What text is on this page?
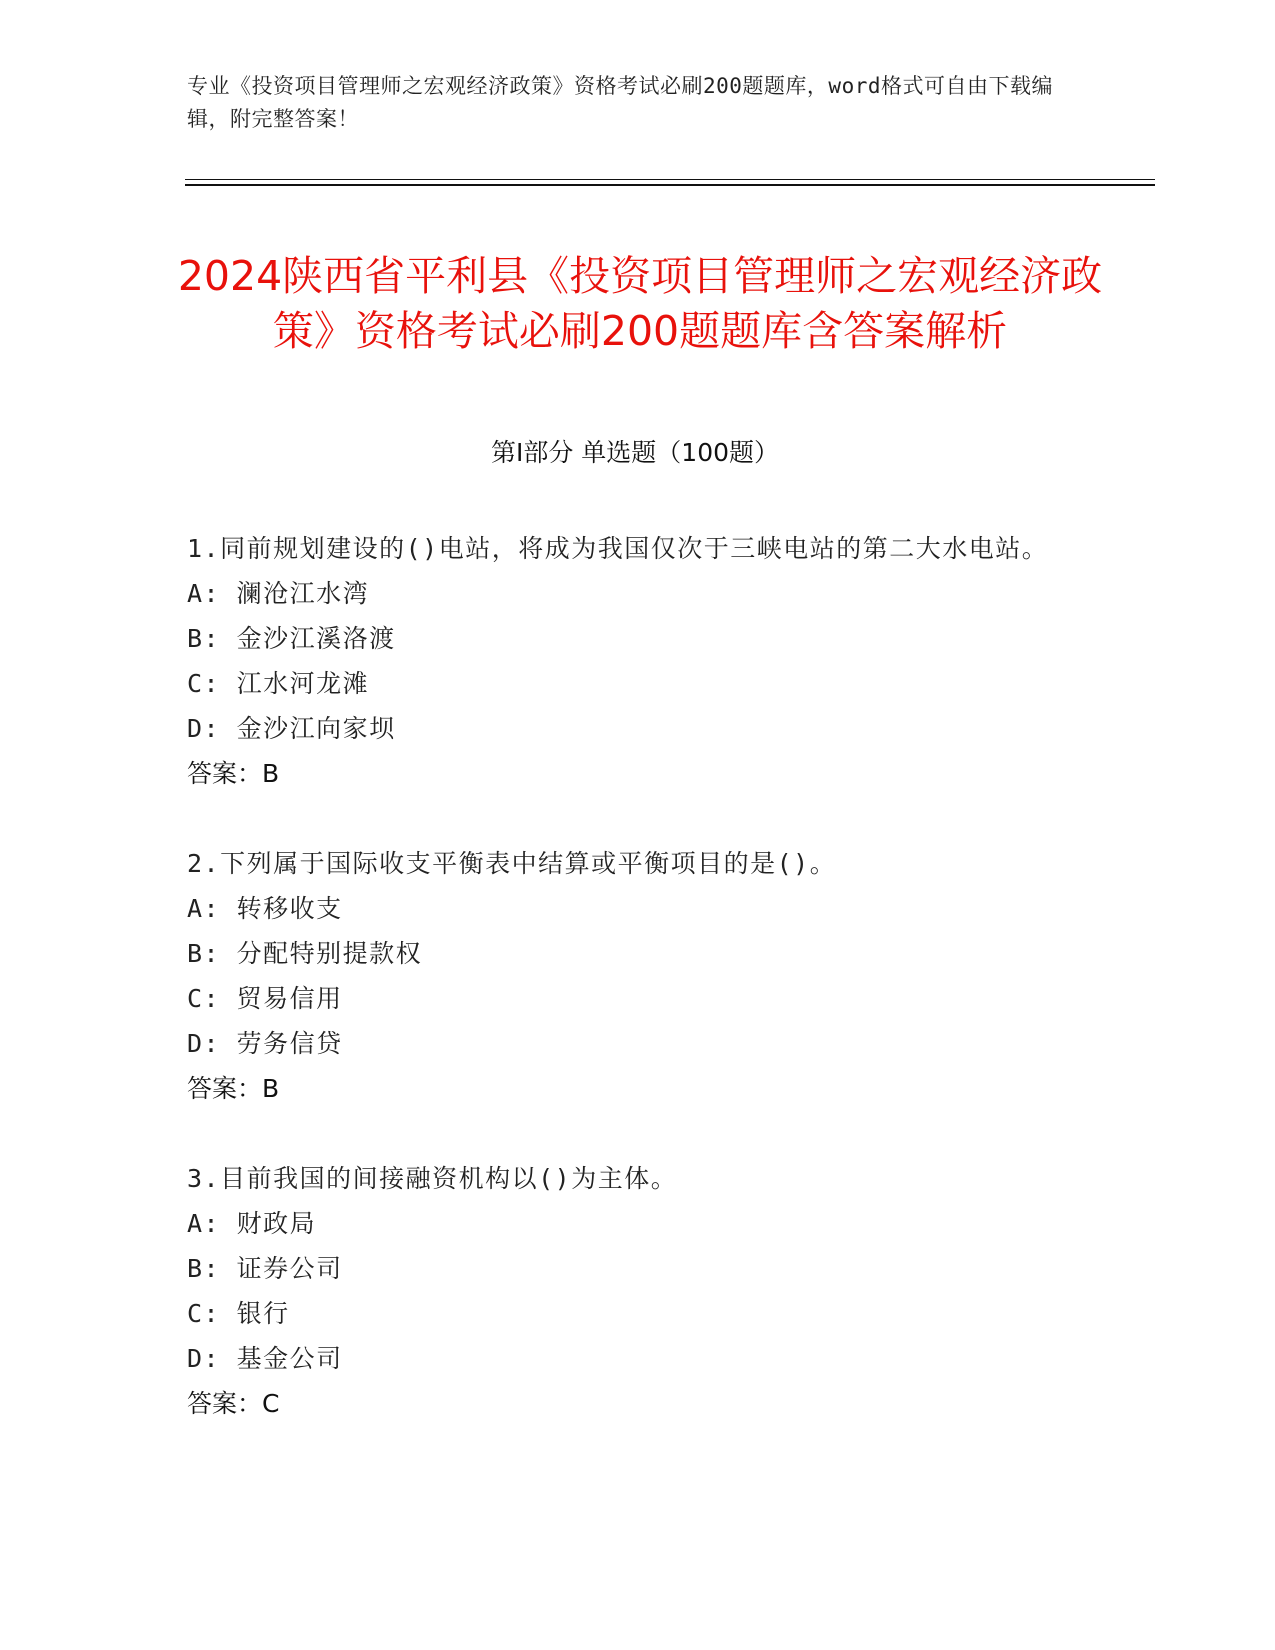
专业《投资项目管理师之宏观经济政策》资格考试必刷200题题库，word格式可自由下载编辑，附完整答案！
2024陕西省平利县《投资项目管理师之宏观经济政策》资格考试必刷200题题库含答案解析
第Ⅰ部分 单选题（100题）
1.同前规划建设的()电站，将成为我国仅次于三峡电站的第二大水电站。
A: 澜沧江水湾
B: 金沙江溪洛渡
C: 江水河龙滩
D: 金沙江向家坝
答案：B
2.下列属于国际收支平衡表中结算或平衡项目的是()。
A: 转移收支
B: 分配特别提款权
C: 贸易信用
D: 劳务信贷
答案：B
3.目前我国的间接融资机构以()为主体。
A: 财政局
B: 证券公司
C: 银行
D: 基金公司
答案：C
